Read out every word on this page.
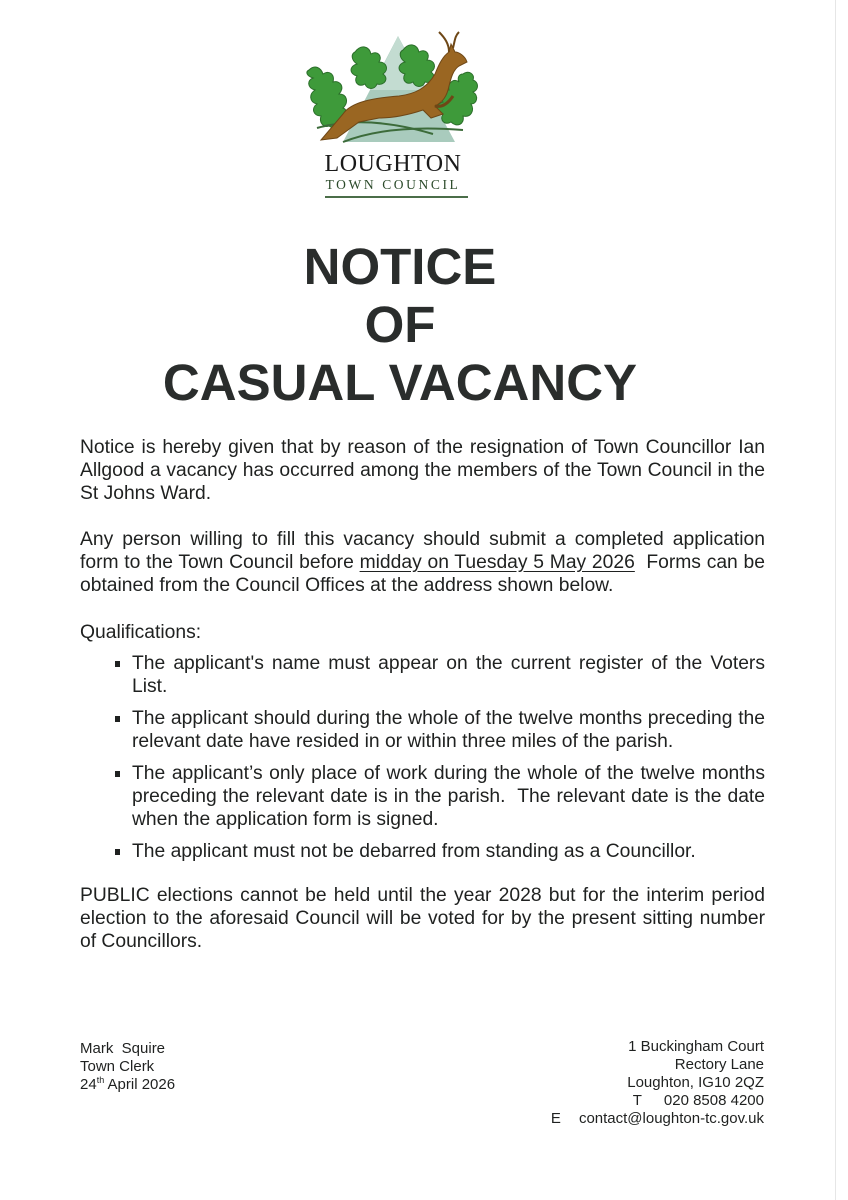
LOUGHTON
TOWN COUNCIL
NOTICE
OF
CASUAL VACANCY
Notice is hereby given that by reason of the resignation of Town Councillor Ian Allgood a vacancy has occurred among the members of the Town Council in the St Johns Ward.
Any person willing to fill this vacancy should submit a completed application form to the Town Council before midday on Tuesday 5 May 2026  Forms can be obtained from the Council Offices at the address shown below.
Qualifications:
The applicant's name must appear on the current register of the Voters List.
The applicant should during the whole of the twelve months preceding the relevant date have resided in or within three miles of the parish.
The applicant’s only place of work during the whole of the twelve months preceding the relevant date is in the parish.  The relevant date is the date when the application form is signed.
The applicant must not be debarred from standing as a Councillor.
PUBLIC elections cannot be held until the year 2028 but for the interim period election to the aforesaid Council will be voted for by the present sitting number of Councillors.
Mark  Squire
Town Clerk
24th April 2026
1 Buckingham Court
Rectory Lane
Loughton, IG10 2QZ
T 020 8508 4200
E contact@loughton-tc.gov.uk
